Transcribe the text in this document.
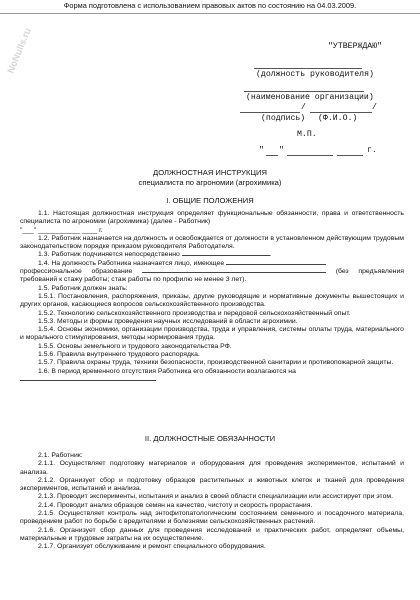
Форма подготовлена с использованием правовых актов по состоянию на 04.03.2009.
NoNulls.ru	"УТВЕРЖДАЮ"
(должность руководителя)
(наименование организации)
/	/
(подпись) (Ф.И.О.)
М.П.
" "	г.
ДОЛЖНОСТНАЯ ИНСТРУКЦИЯ
специалиста по агрономии (агрохимика)
I. ОБЩИЕ ПОЛОЖЕНИЯ

1.1. Настоящая должностная инструкция определяет функциональные обязанности, права и ответственность специалиста по агрономии (агрохимика) (далее - Работник)

"___" ___________ ____ г.

1.2. Работник назначается на должность и освобождается от должности в установленном действующим трудовым законодательством порядке приказом руководителя Работодателя.

1.3. Работник подчиняется непосредственно	.

1.4. На должность Работника назначается лицо, имеющее

профессиональное образование	(без предъявления требований к стажу работы; стаж работы по профилю не менее 3 лет).

1.5. Работник должен знать:

1.5.1. Постановления, распоряжения, приказы, другие руководящие и нормативные документы вышестоящих и других органов, касающиеся вопросов сельскохозяйственного производства.

1.5.2. Технологию сельскохозяйственного производства и передовой сельскохозяйственный опыт.

1.5.3. Методы и формы проведения научных исследований в области агрохимии.

1.5.4. Основы экономики, организации производства, труда и управления, системы оплаты труда, материального и морального стимулирования, методы нормирования труда.

1.5.5. Основы земельного и трудового законодательства РФ.

1.5.6. Правила внутреннего трудового распорядка.

1.5.7. Правила охраны труда, техники безопасности, производственной санитарии и противопожарной защиты.

1.6. В период временного отсутствия Работника его обязанности возлагаются на

II. ДОЛЖНОСТНЫЕ ОБЯЗАННОСТИ

2.1. Работник:

2.1.1. Осуществляет подготовку материалов и оборудования для проведения экспериментов, испытаний и анализа.

2.1.2. Организует сбор и подготовку образцов растительных и животных клеток и тканей для проведения экспериментов, испытаний и анализа.

2.1.3. Проводит эксперименты, испытания и анализ в своей области специализации или ассистирует при этом.

2.1.4. Проводит анализ образцов семян на качество, чистоту и скорость прорастания.

2.1.5. Осуществляет контроль над энтофитопатологическим состоянием семенного и посадочного материала, проведением работ по борьбе с вредителями и болезнями сельскохозяйственных растений.

2.1.6. Организует сбор данных для проведения исследований и практических работ, определяет объемы, материальные и трудовые затраты на их осуществление.

2.1.7. Организует обслуживание и ремонт специального оборудования.
